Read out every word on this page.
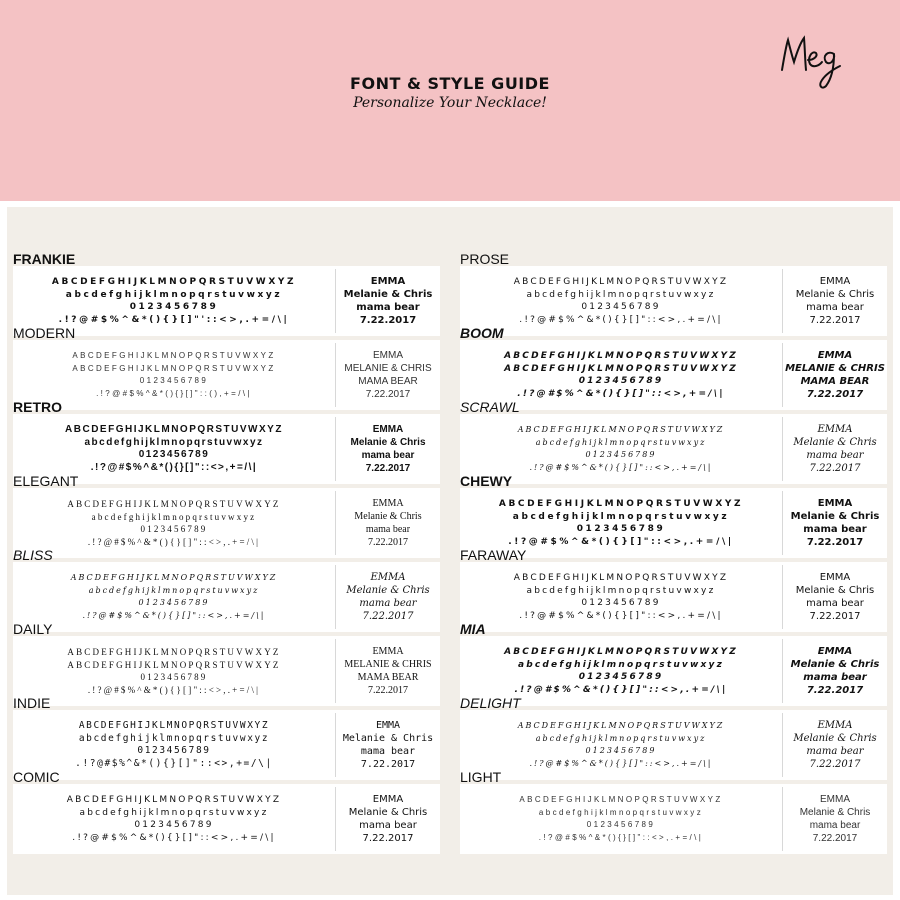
FONT & STYLE GUIDE
Personalize Your Necklace!
FRANKIE
ABCDEFGHIJKLMNOPQRSTUVWXYZ
abcdefghijklmnopqrstuvwxyz
0123456789
.!?@#$%^&*(){}[]"'::<>,.+=/\|
EMMA
Melanie & Chris
mama bear
7.22.2017
MODERN
ABCDEFGHIJKLMNOPQRSTUVWXYZ
ABCDEFGHIJKLMNOPQRSTUVWXYZ
0123456789
.!?@#$%^&*(){}[]"::(),+=/\|
EMMA
MELANIE & CHRIS
MAMA BEAR
7.22.2017
RETRO
ABCDEFGHIJKLMNOPQRSTUVWXYZ
abcdefghijklmnopqrstuvwxyz
0123456789
.!?@#$%^&*(){}[]"::<>,+=/\|
EMMA
Melanie & Chris
mama bear
7.22.2017
ELEGANT
ABCDEFGHIJKLMNOPQRSTUVWXYZ
abcdefghijklmnopqrstuvwxyz
0123456789
.!?@#$%^&*(){}[]"::<>,.+=/\|
EMMA
Melanie & Chris
mama bear
7.22.2017
BLISS
ABCDEFGHIJKLMNOPQRSTUVWXYZ
abcdefghijklmnopqrstuvwxyz
0123456789
.!?@#$%^&*(){}[]"::<>,.+=/\|
EMMA
Melanie & Chris
mama bear
7.22.2017
DAILY
ABCDEFGHIJKLMNOPQRSTUVWXYZ
ABCDEFGHIJKLMNOPQRSTUVWXYZ
0123456789
.!?@#$%^&*(){}[]"::<>,.+=/\|
EMMA
MELANIE & CHRIS
MAMA BEAR
7.22.2017
INDIE
ABCDEFGHIJKLMNOPQRSTUVWXYZ
abcdefghijklmnopqrstuvwxyz
0123456789
.!?@#$%^&*(){}[]"::<>,+=/\|
EMMA
Melanie & Chris
mama bear
7.22.2017
COMIC
ABCDEFGHIJKLMNOPQRSTUVWXYZ
abcdefghijklmnopqrstuvwxyz
0123456789
.!?@#$%^&*(){}[]"::<>,.+=/\|
EMMA
Melanie & Chris
mama bear
7.22.2017
PROSE
ABCDEFGHIJKLMNOPQRSTUVWXYZ
abcdefghijklmnopqrstuvwxyz
0123456789
.!?@#$%^&*(){}[]"::<>,.+=/\|
EMMA
Melanie & Chris
mama bear
7.22.2017
BOOM
ABCDEFGHIJKLMNOPQRSTUVWXYZ
ABCDEFGHIJKLMNOPQRSTUVWXYZ
0123456789
.!?@#$%^&*(){}[]"::<>,+=/\|
EMMA
MELANIE & CHRIS
MAMA BEAR
7.22.2017
SCRAWL
ABCDEFGHIJKLMNOPQRSTUVWXYZ
abcdefghijklmnopqrstuvwxyz
0123456789
.!?@#$%^&*(){}[]"::<>,.+=/\|
EMMA
Melanie & Chris
mama bear
7.22.2017
CHEWY
ABCDEFGHIJKLMNOPQRSTUVWXYZ
abcdefghijklmnopqrstuvwxyz
0123456789
.!?@#$%^&*(){}[]"::<>,.+=/\|
EMMA
Melanie & Chris
mama bear
7.22.2017
FARAWAY
ABCDEFGHIJKLMNOPQRSTUVWXYZ
abcdefghijklmnopqrstuvwxyz
0123456789
.!?@#$%^&*(){}[]"::<>,.+=/\|
EMMA
Melanie & Chris
mama bear
7.22.2017
MIA
ABCDEFGHIJKLMNOPQRSTUVWXYZ
abcdefghijklmnopqrstuvwxyz
0123456789
.!?@#$%^&*(){}[]"::<>,.+=/\|
EMMA
Melanie & Chris
mama bear
7.22.2017
DELIGHT
ABCDEFGHIJKLMNOPQRSTUVWXYZ
abcdefghijklmnopqrstuvwxyz
0123456789
.!?@#$%^&*(){}[]"::<>,.+=/\|
EMMA
Melanie & Chris
mama bear
7.22.2017
LIGHT
ABCDEFGHIJKLMNOPQRSTUVWXYZ
abcdefghijklmnopqrstuvwxyz
0123456789
.!?@#$%^&*(){}[]"::<>,.+=/\|
EMMA
Melanie & Chris
mama bear
7.22.2017
